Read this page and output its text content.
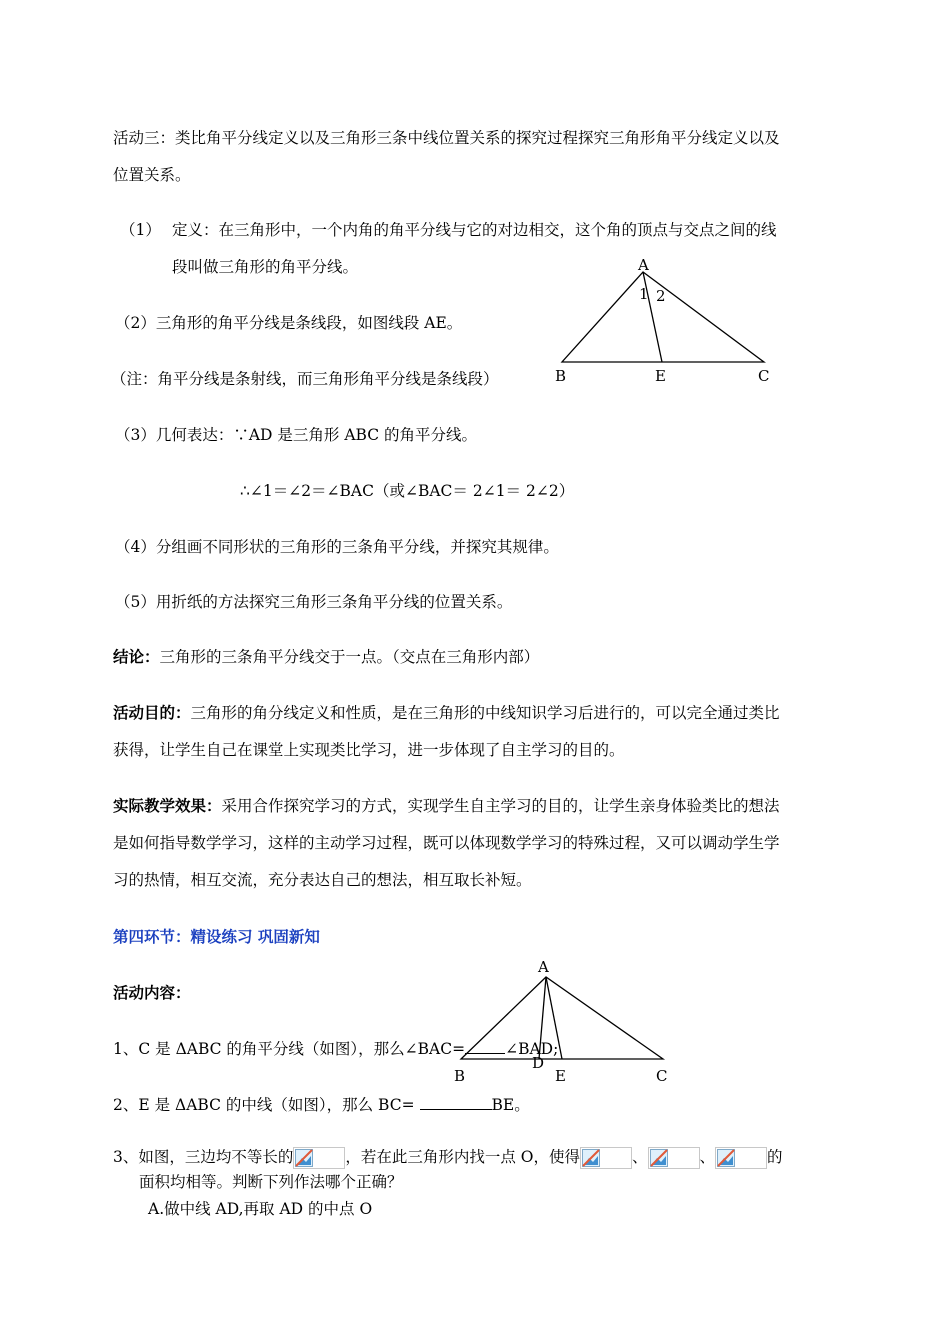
活动三：类比角平分线定义以及三角形三条中线位置关系的探究过程探究三角形角平分线定义以及
位置关系。
（1） 定义：在三角形中，一个内角的角平分线与它的对边相交，这个角的顶点与交点之间的线
段叫做三角形的角平分线。
（2）三角形的角平分线是条线段，如图线段 AE。
（注：角平分线是条射线，而三角形角平分线是条线段）
A
1 2
B	E	C
（3）几何表达：∵AD 是三角形 ABC 的角平分线。
∴∠1＝∠2＝∠BAC（或∠BAC＝ 2∠1＝ 2∠2）
（4）分组画不同形状的三角形的三条角平分线，并探究其规律。
（5）用折纸的方法探究三角形三条角平分线的位置关系。
结论：三角形的三条角平分线交于一点。（交点在三角形内部）
活动目的：三角形的角分线定义和性质，是在三角形的中线知识学习后进行的，可以完全通过类比
获得，让学生自己在课堂上实现类比学习，进一步体现了自主学习的目的。
实际教学效果：采用合作探究学习的方式，实现学生自主学习的目的，让学生亲身体验类比的想法
是如何指导数学学习，这样的主动学习过程，既可以体现数学学习的特殊过程，又可以调动学生学
习的热情，相互交流，充分表达自己的想法，相互取长补短。
第四环节：精设练习 巩固新知
活动内容：
A
B
D
E	C
1、C 是 ΔABC 的角平分线（如图），那么∠BAC=	∠BAD;
2、E 是 ΔABC 的中线（如图），那么 BC=	BE。
3、如图，三边均不等长的	，若在此三角形内找一点 O，使得	、	、	的
面积均相等。判断下列作法哪个正确？
A.做中线 AD,再取 AD 的中点 O
